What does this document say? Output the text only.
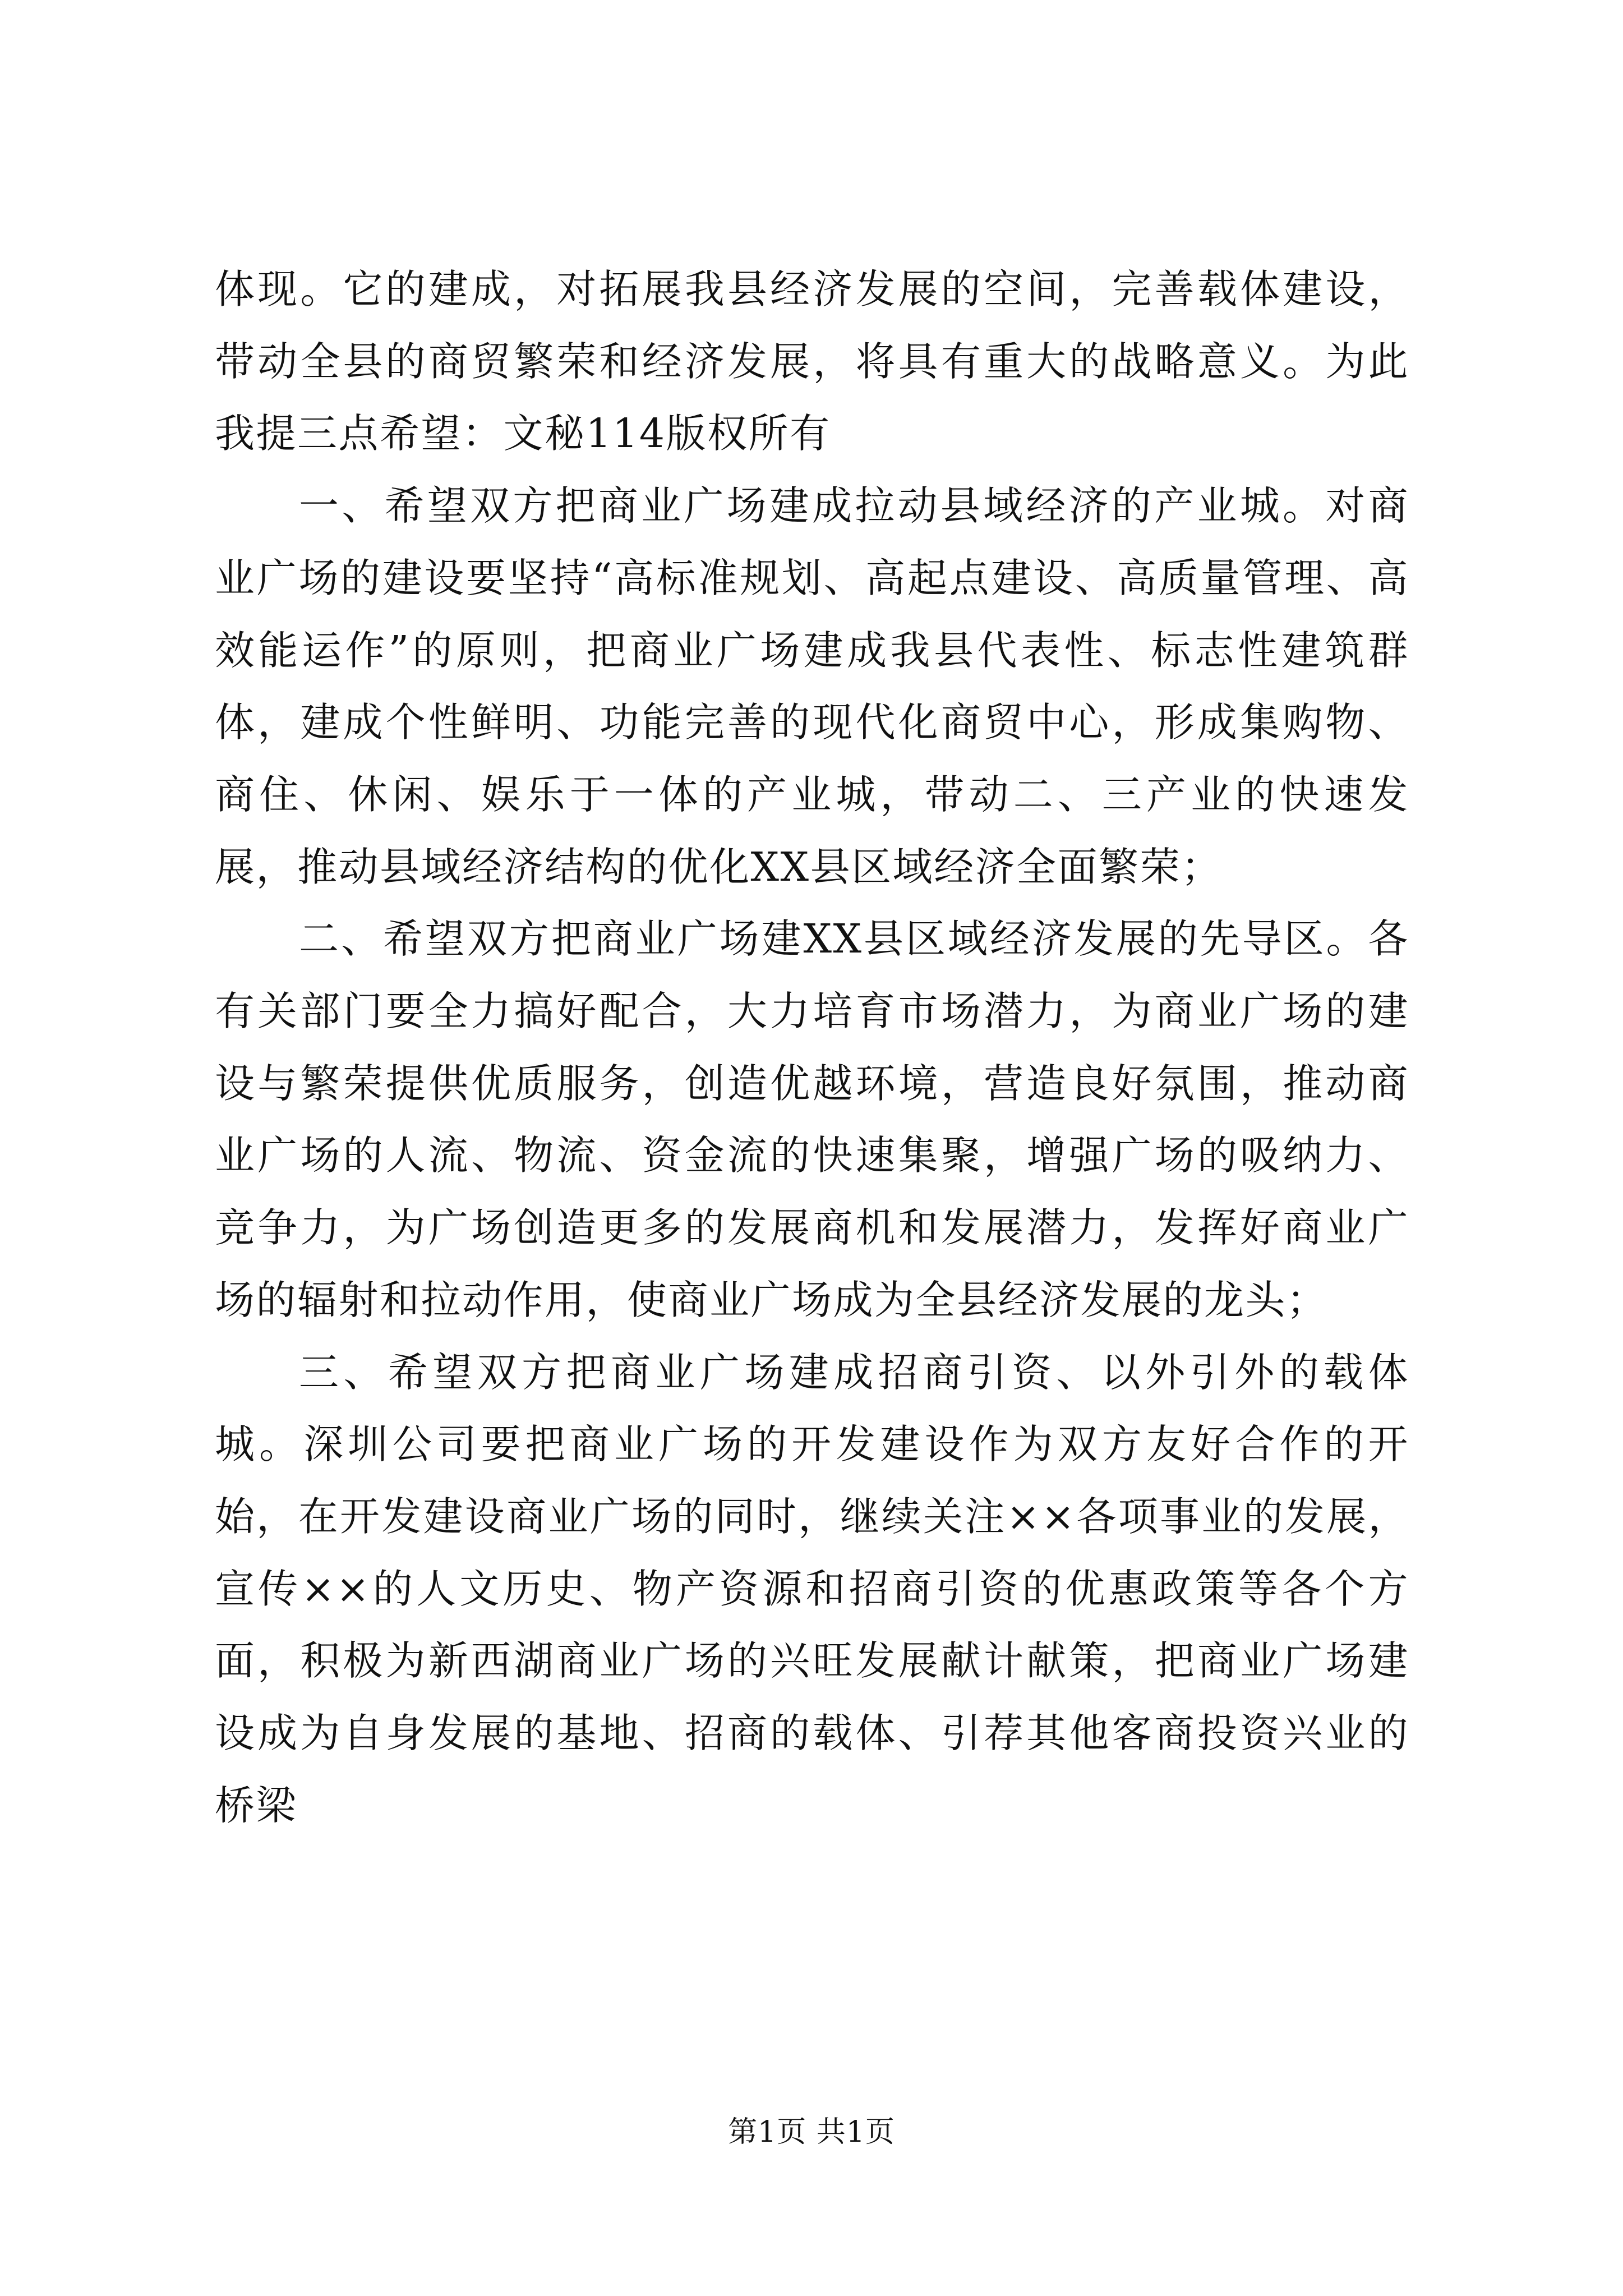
体现。它的建成，对拓展我县经济发展的空间，完善载体建设，带动全县的商贸繁荣和经济发展，将具有重大的战略意义。为此我提三点希望：文秘114版权所有

一、希望双方把商业广场建成拉动县域经济的产业城。对商业广场的建设要坚持“高标准规划、高起点建设、高质量管理、高效能运作”的原则，把商业广场建成我县代表性、标志性建筑群体，建成个性鲜明、功能完善的现代化商贸中心，形成集购物、商住、休闲、娱乐于一体的产业城，带动二、三产业的快速发展，推动县域经济结构的优化XX县区域经济全面繁荣；

二、希望双方把商业广场建XX县区域经济发展的先导区。各有关部门要全力搞好配合，大力培育市场潜力，为商业广场的建设与繁荣提供优质服务，创造优越环境，营造良好氛围，推动商业广场的人流、物流、资金流的快速集聚，增强广场的吸纳力、竞争力，为广场创造更多的发展商机和发展潜力，发挥好商业广场的辐射和拉动作用，使商业广场成为全县经济发展的龙头；

三、希望双方把商业广场建成招商引资、以外引外的载体城。深圳公司要把商业广场的开发建设作为双方友好合作的开始，在开发建设商业广场的同时，继续关注××各项事业的发展，宣传××的人文历史、物产资源和招商引资的优惠政策等各个方面，积极为新西湖商业广场的兴旺发展献计献策，把商业广场建设成为自身发展的基地、招商的载体、引荐其他客商投资兴业的桥梁

第1页 共1页
